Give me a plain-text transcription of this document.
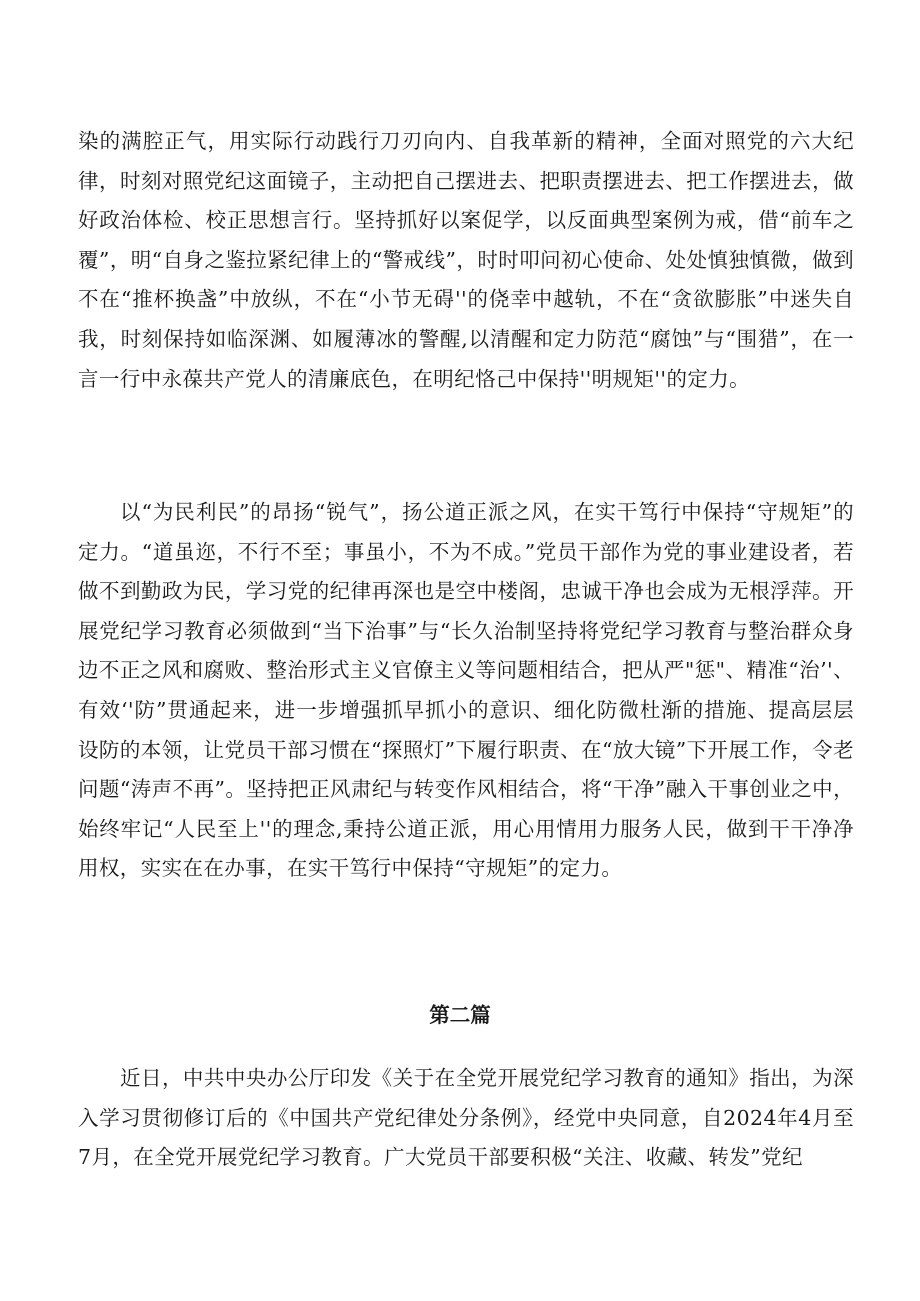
染的满腔正气，用实际行动践行刀刃向内、自我革新的精神，全面对照党的六大纪律，时刻对照党纪这面镜子，主动把自己摆进去、把职责摆进去、把工作摆进去，做好政治体检、校正思想言行。坚持抓好以案促学，以反面典型案例为戒，借“前车之覆”，明“自身之鉴拉紧纪律上的“警戒线”，时时叩问初心使命、处处慎独慎微，做到不在“推杯换盏”中放纵，不在“小节无碍''的侥幸中越轨，不在“贪欲膨胀”中迷失自我，时刻保持如临深渊、如履薄冰的警醒,以清醒和定力防范“腐蚀”与“围猎”，在一言一行中永葆共产党人的清廉底色，在明纪恪己中保持''明规矩''的定力。

以“为民利民”的昂扬“锐气”，扬公道正派之风，在实干笃行中保持“守规矩”的定力。“道虽迩，不行不至；事虽小，不为不成。”党员干部作为党的事业建设者，若做不到勤政为民，学习党的纪律再深也是空中楼阁，忠诚干净也会成为无根浮萍。开展党纪学习教育必须做到“当下治事”与“长久治制坚持将党纪学习教育与整治群众身边不正之风和腐败、整治形式主义官僚主义等问题相结合，把从严"惩"、精准“治’'、有效‘'防”贯通起来，进一步增强抓早抓小的意识、细化防微杜渐的措施、提高层层设防的本领，让党员干部习惯在“探照灯”下履行职责、在“放大镜”下开展工作，令老问题“涛声不再”。坚持把正风肃纪与转变作风相结合，将“干净”融入干事创业之中，始终牢记“人民至上''的理念,秉持公道正派，用心用情用力服务人民，做到干干净净用权，实实在在办事，在实干笃行中保持“守规矩”的定力。

第二篇

近日，中共中央办公厅印发《关于在全党开展党纪学习教育的通知》指出，为深入学习贯彻修订后的《中国共产党纪律处分条例》，经党中央同意，自2024年4月至7月，在全党开展党纪学习教育。广大党员干部要积极“关注、收藏、转发”党纪
